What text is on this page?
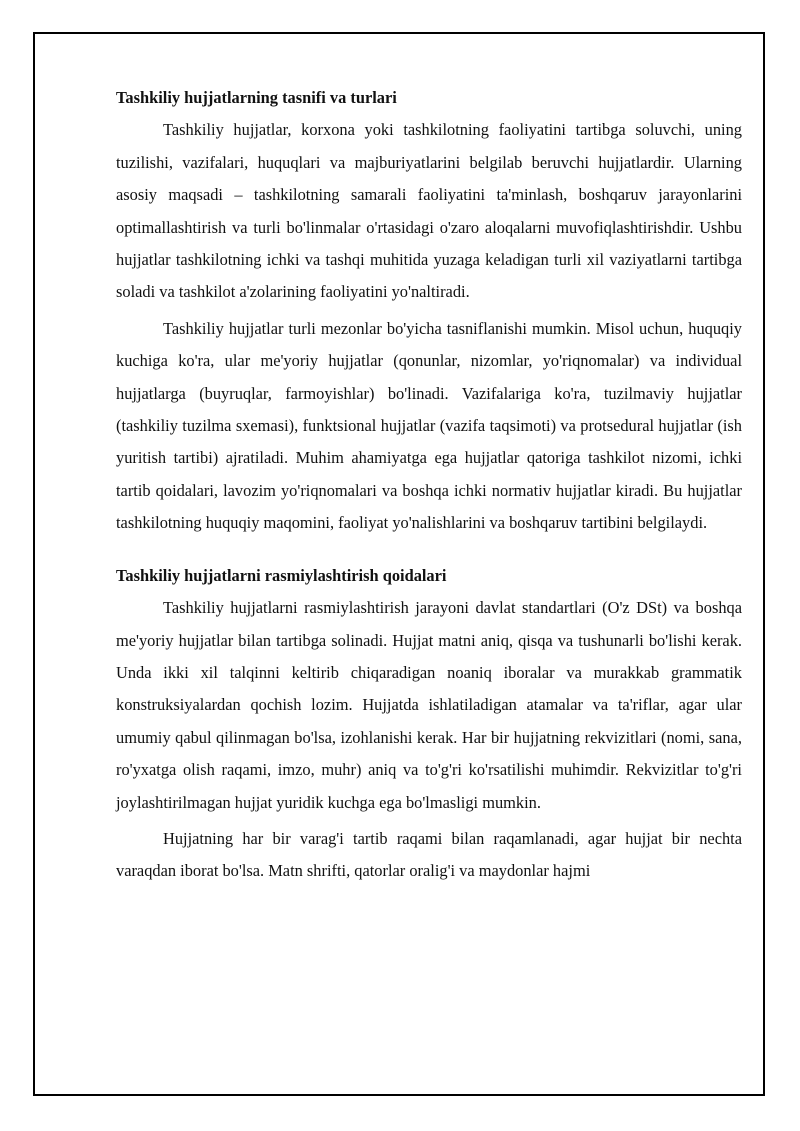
Tashkiliy hujjatlarning tasnifi va turlari

Tashkiliy hujjatlar, korxona yoki tashkilotning faoliyatini tartibga soluvchi, uning tuzilishi, vazifalari, huquqlari va majburiyatlarini belgilab beruvchi hujjatlardir. Ularning asosiy maqsadi – tashkilotning samarali faoliyatini ta'minlash, boshqaruv jarayonlarini optimallashtirish va turli bo'linmalar o'rtasidagi o'zaro aloqalarni muvofiqlashtirishdir. Ushbu hujjatlar tashkilotning ichki va tashqi muhitida yuzaga keladigan turli xil vaziyatlarni tartibga soladi va tashkilot a'zolarining faoliyatini yo'naltiradi.

Tashkiliy hujjatlar turli mezonlar bo'yicha tasniflanishi mumkin. Misol uchun, huquqiy kuchiga ko'ra, ular me'yoriy hujjatlar (qonunlar, nizomlar, yo'riqnomalar) va individual hujjatlarga (buyruqlar, farmoyishlar) bo'linadi. Vazifalariga ko'ra, tuzilmaviy hujjatlar (tashkiliy tuzilma sxemasi), funktsional hujjatlar (vazifa taqsimoti) va protsedural hujjatlar (ish yuritish tartibi) ajratiladi. Muhim ahamiyatga ega hujjatlar qatoriga tashkilot nizomi, ichki tartib qoidalari, lavozim yo'riqnomalari va boshqa ichki normativ hujjatlar kiradi. Bu hujjatlar tashkilotning huquqiy maqomini, faoliyat yo'nalishlarini va boshqaruv tartibini belgilaydi.

Tashkiliy hujjatlarni rasmiylashtirish qoidalari

Tashkiliy hujjatlarni rasmiylashtirish jarayoni davlat standartlari (O'z DSt) va boshqa me'yoriy hujjatlar bilan tartibga solinadi. Hujjat matni aniq, qisqa va tushunarli bo'lishi kerak. Unda ikki xil talqinni keltirib chiqaradigan noaniq iboralar va murakkab grammatik konstruksiyalardan qochish lozim. Hujjatda ishlatiladigan atamalar va ta'riflar, agar ular umumiy qabul qilinmagan bo'lsa, izohlanishi kerak. Har bir hujjatning rekvizitlari (nomi, sana, ro'yxatga olish raqami, imzo, muhr) aniq va to'g'ri ko'rsatilishi muhimdir. Rekvizitlar to'g'ri joylashtirilmagan hujjat yuridik kuchga ega bo'lmasligi mumkin.

Hujjatning har bir varag'i tartib raqami bilan raqamlanadi, agar hujjat bir nechta varaqdan iborat bo'lsa. Matn shrifti, qatorlar oralig'i va maydonlar hajmi
